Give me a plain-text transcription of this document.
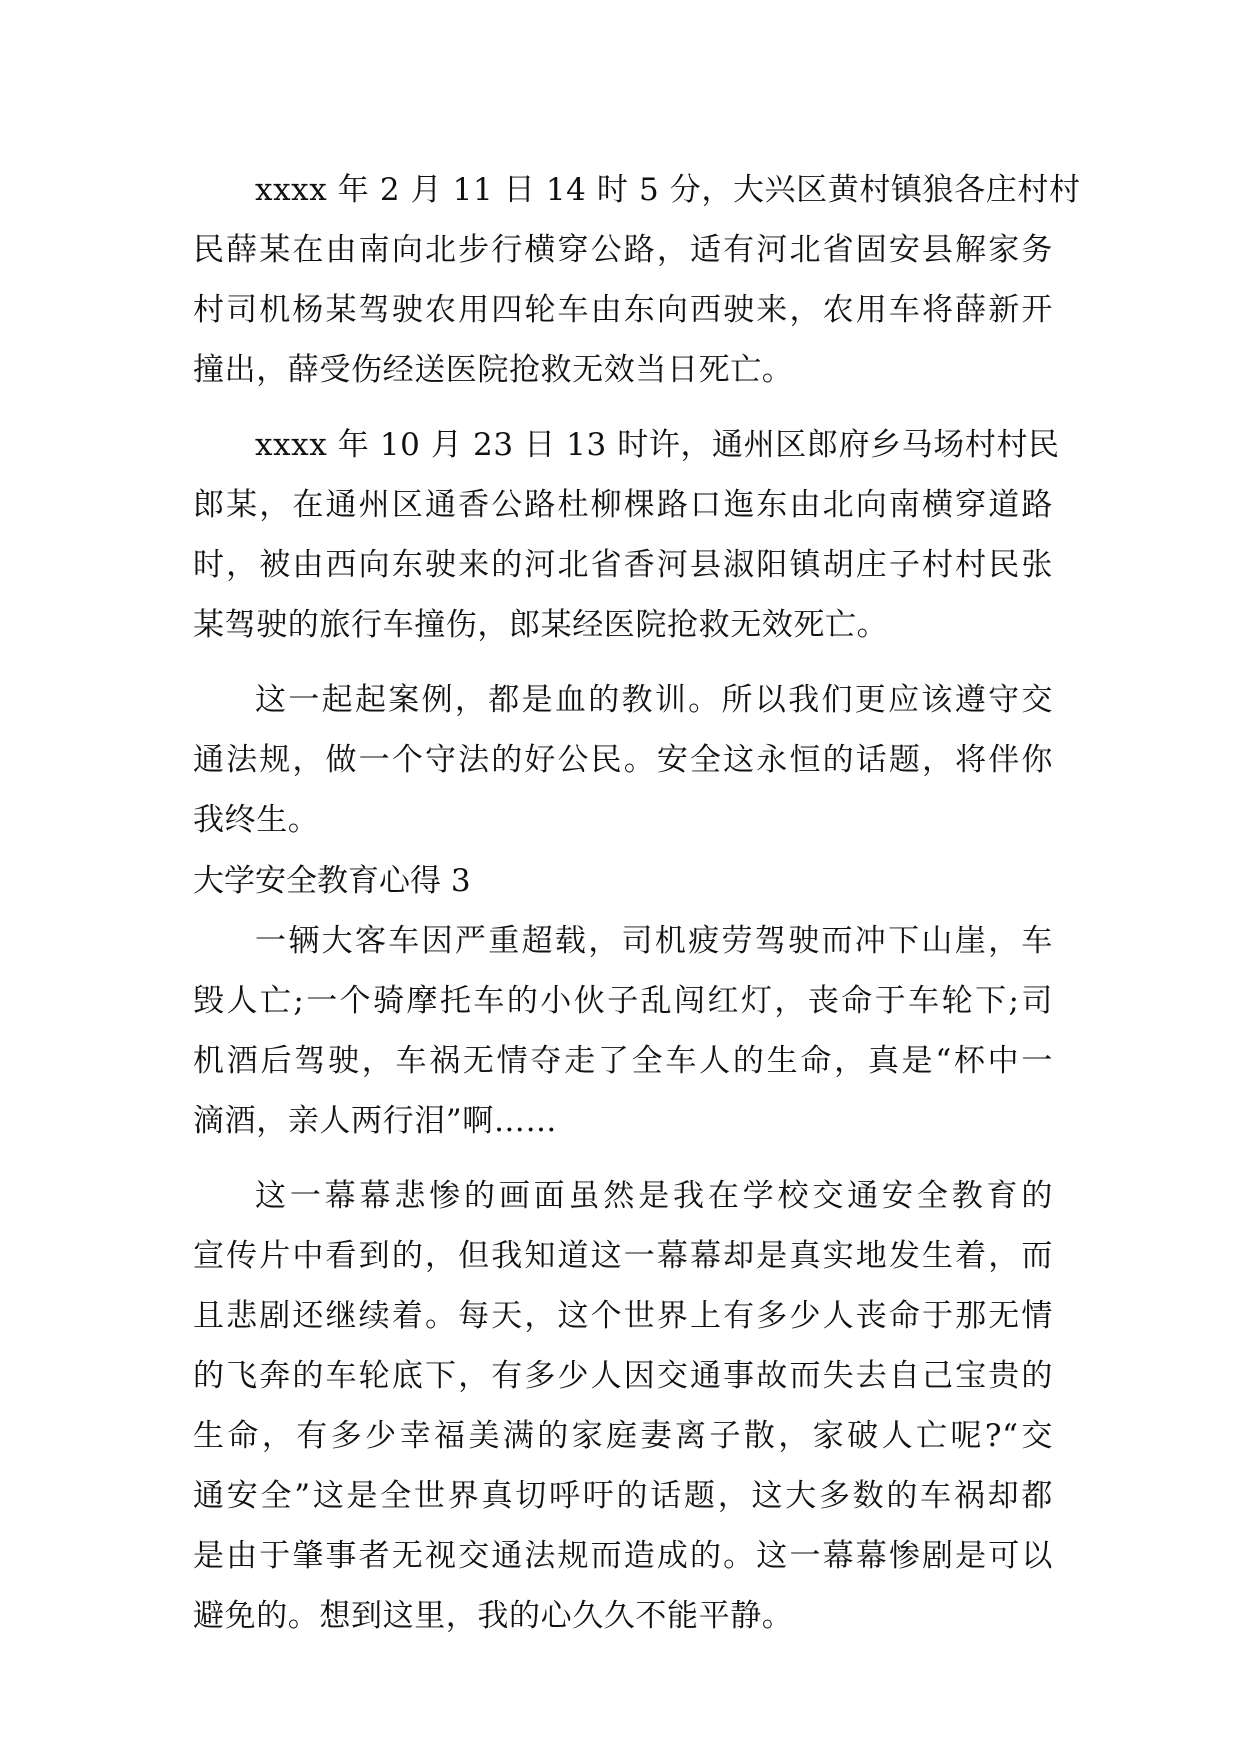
xxxx 年 2 月 11 日 14 时 5 分，大兴区黄村镇狼各庄村村
民薛某在由南向北步行横穿公路，适有河北省固安县解家务
村司机杨某驾驶农用四轮车由东向西驶来，农用车将薛新开
撞出，薛受伤经送医院抢救无效当日死亡。
xxxx 年 10 月 23 日 13 时许，通州区郎府乡马场村村民
郎某，在通州区通香公路杜柳棵路口迤东由北向南横穿道路
时，被由西向东驶来的河北省香河县淑阳镇胡庄子村村民张
某驾驶的旅行车撞伤，郎某经医院抢救无效死亡。
这一起起案例，都是血的教训。所以我们更应该遵守交
通法规，做一个守法的好公民。安全这永恒的话题，将伴你
我终生。
大学安全教育心得 3
一辆大客车因严重超载，司机疲劳驾驶而冲下山崖，车
毁人亡;一个骑摩托车的小伙子乱闯红灯，丧命于车轮下;司
机酒后驾驶，车祸无情夺走了全车人的生命，真是“杯中一
滴酒，亲人两行泪”啊……
这一幕幕悲惨的画面虽然是我在学校交通安全教育的
宣传片中看到的，但我知道这一幕幕却是真实地发生着，而
且悲剧还继续着。每天，这个世界上有多少人丧命于那无情
的飞奔的车轮底下，有多少人因交通事故而失去自己宝贵的
生命，有多少幸福美满的家庭妻离子散，家破人亡呢?“交
通安全”这是全世界真切呼吁的话题，这大多数的车祸却都
是由于肇事者无视交通法规而造成的。这一幕幕惨剧是可以
避免的。想到这里，我的心久久不能平静。
